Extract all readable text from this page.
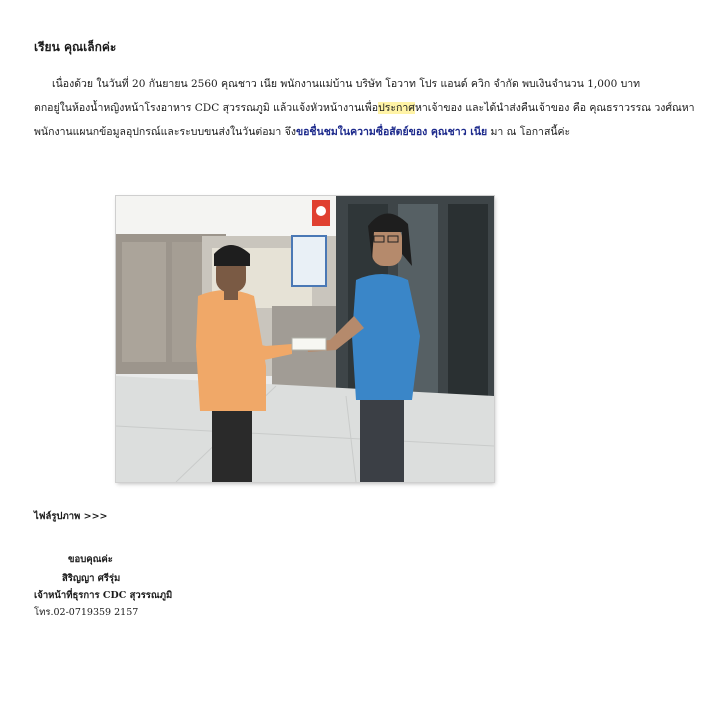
เรียน คุณเล็กค่ะ
เนื่องด้วย ในวันที่ 20 กันยายน 2560 คุณชาว เนีย พนักงานแม่บ้าน บริษัท โอวาท โปร แอนด์ ควิก จำกัด พบเงินจำนวน 1,000 บาท
ตกอยู่ในห้องน้ำหญิงหน้าโรงอาหาร CDC สุวรรณภูมิ แล้วแจ้งหัวหน้างานเพื่อประกาศหาเจ้าของ และได้นำส่งคืนเจ้าของ คือ คุณธราวรรณ วงศ์ณหา
พนักงานแผนกข้อมูลอุปกรณ์และระบบขนส่งในวันต่อมา จึงขอชื่นชมในความซื่อสัตย์ของ คุณชาว เนีย มา ณ โอกาสนี้ค่ะ
ไฟล์รูปภาพ >>>
ขอบคุณค่ะ
สิริญญา ศรีรุ่ม
เจ้าหน้าที่ธุรการ CDC สุวรรณภูมิ
โทร.02-0719359 2157
